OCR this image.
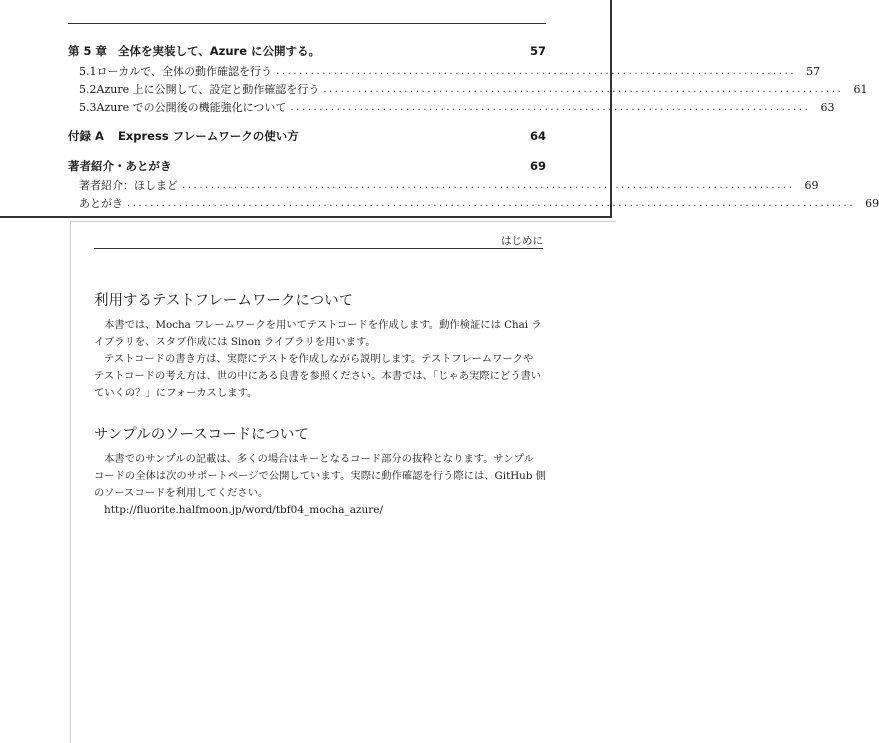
第 5 章 全体を実装して、Azure に公開する。	57
5.1 ローカルで、全体の動作確認を行う .......................................................................................... 57
5.2 Azure 上に公開して、設定と動作確認を行う .......................................................................................... 61
5.3 Azure での公開後の機能強化について .......................................................................................... 63
付録 A	Express フレームワークの使い方	64
著者紹介・あとがき	69
著者紹介：ほしまど .......................................................................................................... 69
あとがき .............................................................................................................................. 69
はじめに
利用するテストフレームワークについて
本書では、Mocha フレームワークを用いてテストコードを作成します。動作検証には Chai ラ
イブラリを、スタブ作成には Sinon ライブラリを用います。
テストコードの書き方は、実際にテストを作成しながら説明します。テストフレームワークや
テストコードの考え方は、世の中にある良書を参照ください。本書では、「じゃあ実際にどう書い
ていくの？」にフォーカスします。
サンプルのソースコードについて
本書でのサンプルの記載は、多くの場合はキーとなるコード部分の抜粋となります。サンプル
コードの全体は次のサポートページで公開しています。実際に動作確認を行う際には、GitHub 側
のソースコードを利用してください。
http://fluorite.halfmoon.jp/word/tbf04_mocha_azure/
